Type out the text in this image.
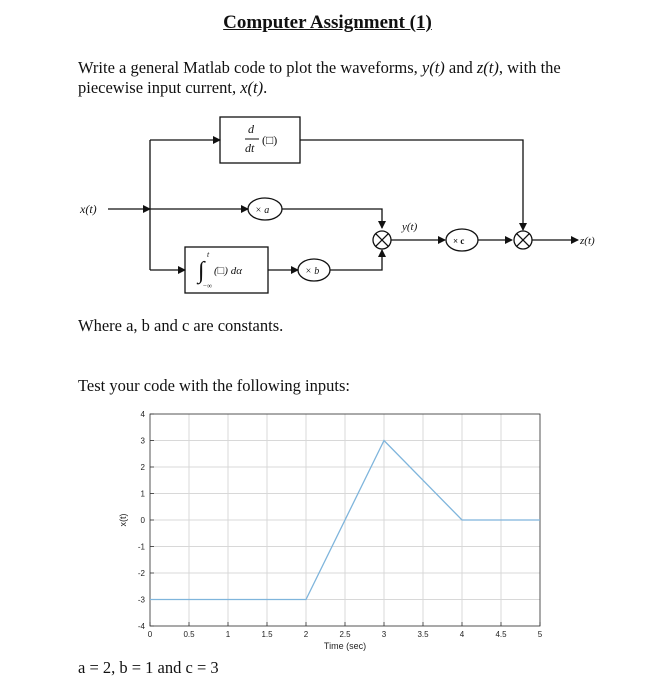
Computer Assignment (1)
Write a general Matlab code to plot the waveforms, y(t) and z(t), with the piecewise input current, x(t).
x(t)
d
dt
(□)
× a
∫
t
−∞
(□) dα	× b
y(t)
× c	z(t)
Where a, b and c are constants.
Test your code with the following inputs:
0	0.5	1	1.5	2	2.5	3	3.5	4	4.5	5
-4
-3
-2
-1
0
1
2
3
4
Time (sec)
x(t)
a = 2, b = 1 and c = 3
